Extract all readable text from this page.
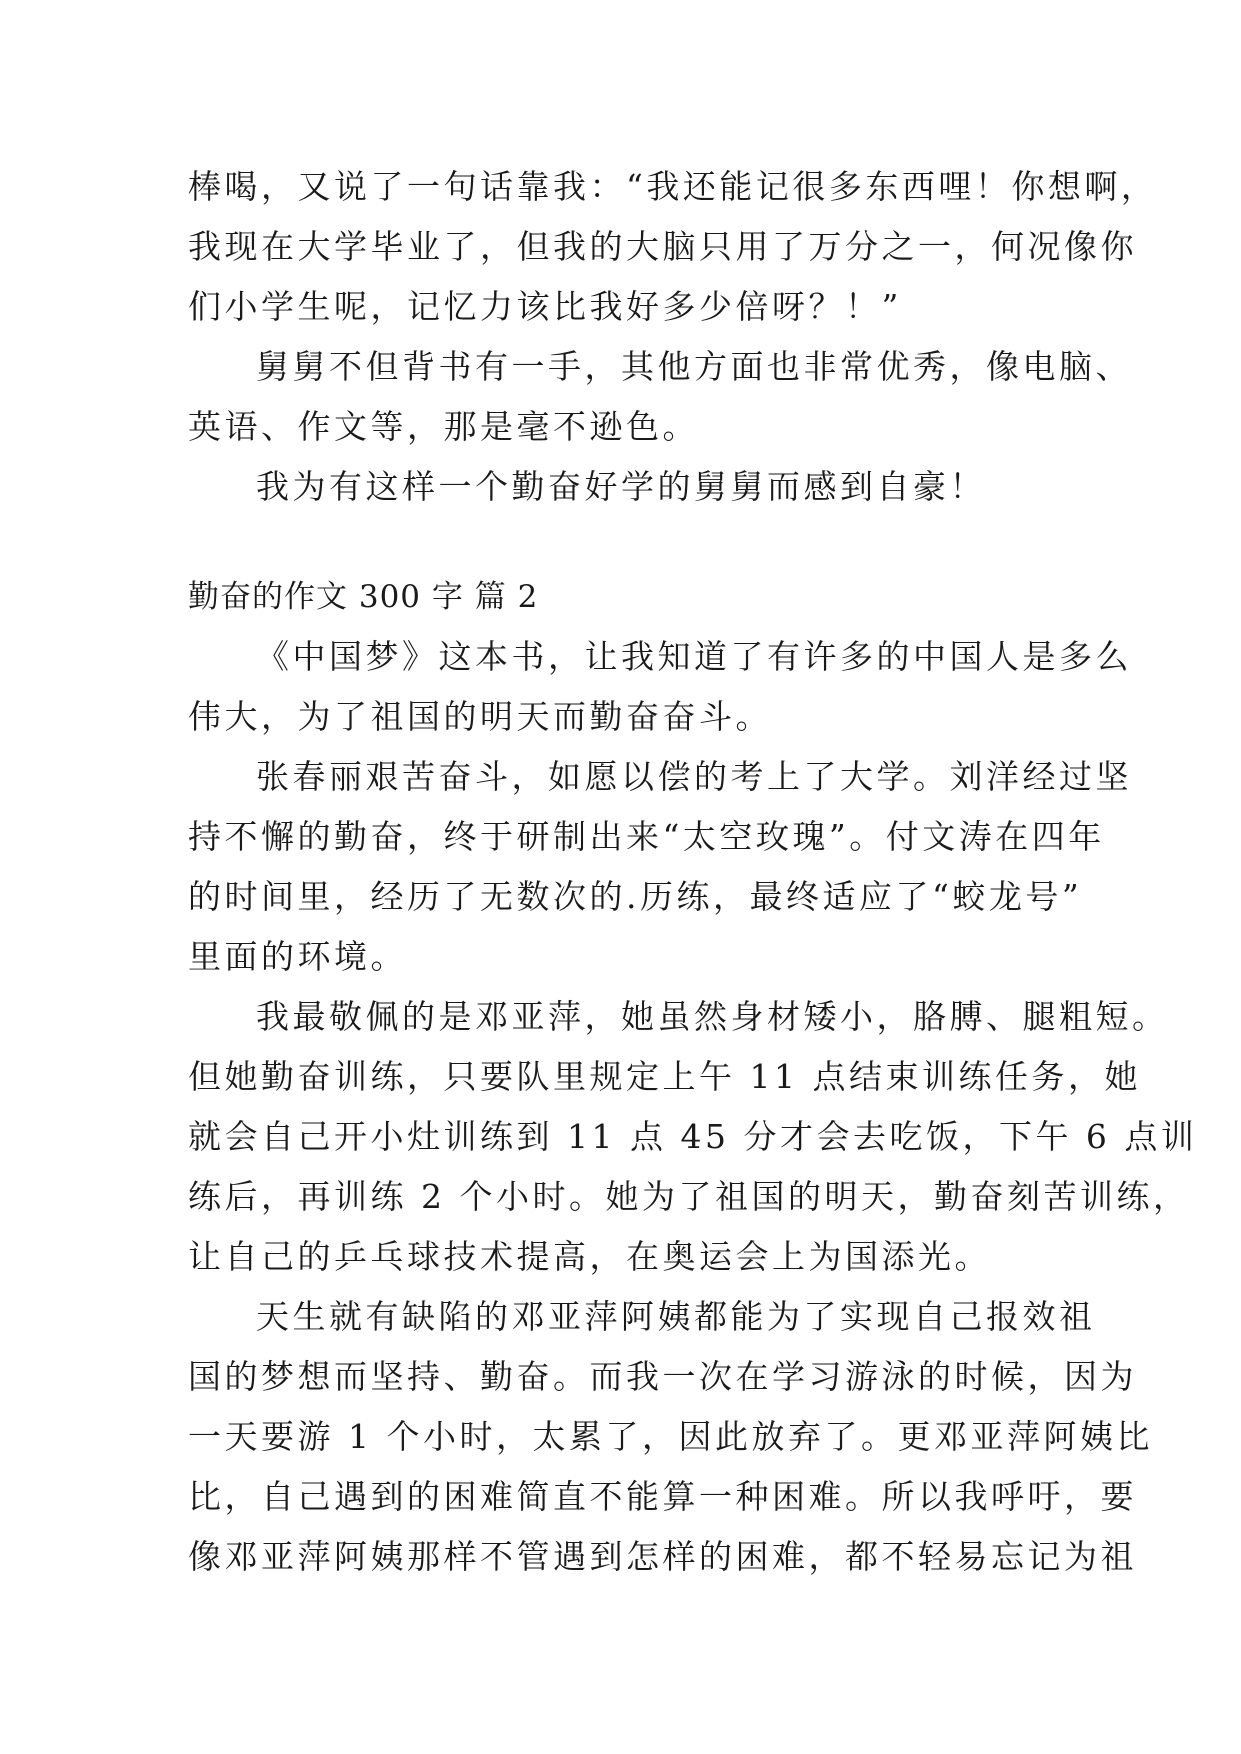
棒喝，又说了一句话靠我：“我还能记很多东西哩！你想啊，
我现在大学毕业了，但我的大脑只用了万分之一，何况像你
们小学生呢，记忆力该比我好多少倍呀？！”
舅舅不但背书有一手，其他方面也非常优秀，像电脑、
英语、作文等，那是毫不逊色。
我为有这样一个勤奋好学的舅舅而感到自豪！
勤奋的作文 300 字 篇 2
《中国梦》这本书，让我知道了有许多的中国人是多么
伟大，为了祖国的明天而勤奋奋斗。
张春丽艰苦奋斗，如愿以偿的考上了大学。刘洋经过坚
持不懈的勤奋，终于研制出来“太空玫瑰”。付文涛在四年
的时间里，经历了无数次的.历练，最终适应了“蛟龙号”
里面的环境。
我最敬佩的是邓亚萍，她虽然身材矮小，胳膊、腿粗短。
但她勤奋训练，只要队里规定上午 11 点结束训练任务，她
就会自己开小灶训练到 11 点 45 分才会去吃饭，下午 6 点训
练后，再训练 2 个小时。她为了祖国的明天，勤奋刻苦训练，
让自己的乒乓球技术提高，在奥运会上为国添光。
天生就有缺陷的邓亚萍阿姨都能为了实现自己报效祖
国的梦想而坚持、勤奋。而我一次在学习游泳的时候，因为
一天要游 1 个小时，太累了，因此放弃了。更邓亚萍阿姨比
比，自己遇到的困难简直不能算一种困难。所以我呼吁，要
像邓亚萍阿姨那样不管遇到怎样的困难，都不轻易忘记为祖
